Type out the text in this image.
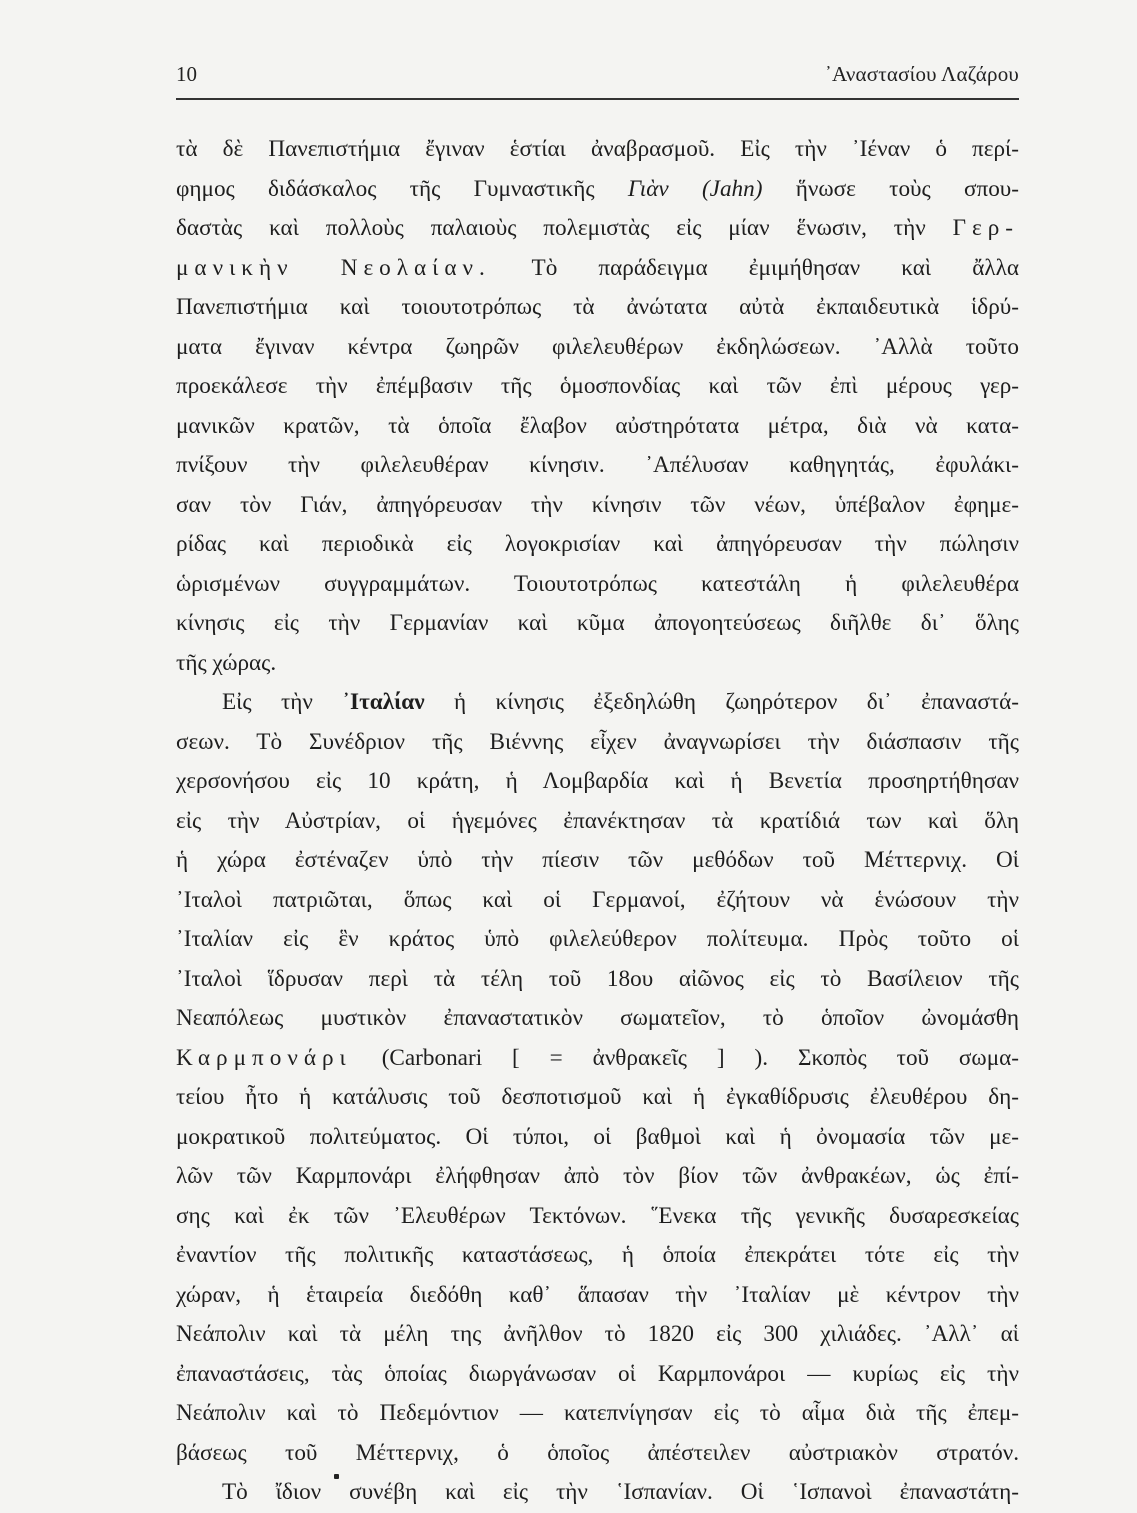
10	᾿Αναστασίου Λαζάρου
τὰ δὲ Πανεπιστήμια ἔγιναν ἑστίαι ἀναβρασμοῦ. Εἰς τὴν ᾿Ιέναν ὁ περί-
φημος διδάσκαλος τῆς Γυμναστικῆς Γιὰν (Jahn) ἥνωσε τοὺς σπου-
δαστὰς καὶ πολλοὺς παλαιοὺς πολεμιστὰς εἰς μίαν ἕνωσιν, τὴν Γερ-
μανικὴν Νεολαίαν. Τὸ παράδειγμα ἐμιμήθησαν καὶ ἄλλα
Πανεπιστήμια καὶ τοιουτοτρόπως τὰ ἀνώτατα αὐτὰ ἐκπαιδευτικὰ ἱδρύ-
ματα ἔγιναν κέντρα ζωηρῶν φιλελευθέρων ἐκδηλώσεων. ᾿Αλλὰ τοῦτο
προεκάλεσε τὴν ἐπέμβασιν τῆς ὁμοσπονδίας καὶ τῶν ἐπὶ μέρους γερ-
μανικῶν κρατῶν, τὰ ὁποῖα ἔλαβον αὐστηρότατα μέτρα, διὰ νὰ κατα-
πνίξουν τὴν φιλελευθέραν κίνησιν. ᾿Απέλυσαν καθηγητάς, ἐφυλάκι-
σαν τὸν Γιάν, ἀπηγόρευσαν τὴν κίνησιν τῶν νέων, ὑπέβαλον ἐφημε-
ρίδας καὶ περιοδικὰ εἰς λογοκρισίαν καὶ ἀπηγόρευσαν τὴν πώλησιν
ὡρισμένων συγγραμμάτων. Τοιουτοτρόπως κατεστάλη ἡ φιλελευθέρα
κίνησις εἰς τὴν Γερμανίαν καὶ κῦμα ἀπογοητεύσεως διῆλθε δι᾿ ὅλης
τῆς χώρας.
Εἰς τὴν ᾿Ιταλίαν ἡ κίνησις ἐξεδηλώθη ζωηρότερον δι᾿ ἐπαναστά-
σεων. Τὸ Συνέδριον τῆς Βιέννης εἶχεν ἀναγνωρίσει τὴν διάσπασιν τῆς
χερσονήσου εἰς 10 κράτη, ἡ Λομβαρδία καὶ ἡ Βενετία προσηρτήθησαν
εἰς τὴν Αὐστρίαν, οἱ ἡγεμόνες ἐπανέκτησαν τὰ κρατίδιά των καὶ ὅλη
ἡ χώρα ἐστέναζεν ὑπὸ τὴν πίεσιν τῶν μεθόδων τοῦ Μέττερνιχ. Οἱ
᾿Ιταλοὶ πατριῶται, ὅπως καὶ οἱ Γερμανοί, ἐζήτουν νὰ ἑνώσουν τὴν
᾿Ιταλίαν εἰς ἓν κράτος ὑπὸ φιλελεύθερον πολίτευμα. Πρὸς τοῦτο οἱ
᾿Ιταλοὶ ἵδρυσαν περὶ τὰ τέλη τοῦ 18ου αἰῶνος εἰς τὸ Βασίλειον τῆς
Νεαπόλεως μυστικὸν ἐπαναστατικὸν σωματεῖον, τὸ ὁποῖον ὠνομάσθη
Καρμπονάρι (Carbonari [ = ἀνθρακεῖς ] ). Σκοπὸς τοῦ σωμα-
τείου ἦτο ἡ κατάλυσις τοῦ δεσποτισμοῦ καὶ ἡ ἐγκαθίδρυσις ἐλευθέρου δη-
μοκρατικοῦ πολιτεύματος. Οἱ τύποι, οἱ βαθμοὶ καὶ ἡ ὀνομασία τῶν με-
λῶν τῶν Καρμπονάρι ἐλήφθησαν ἀπὸ τὸν βίον τῶν ἀνθρακέων, ὡς ἐπί-
σης καὶ ἐκ τῶν ᾿Ελευθέρων Τεκτόνων. ῞Ενεκα τῆς γενικῆς δυσαρεσκείας
ἐναντίον τῆς πολιτικῆς καταστάσεως, ἡ ὁποία ἐπεκράτει τότε εἰς τὴν
χώραν, ἡ ἑταιρεία διεδόθη καθ᾿ ἅπασαν τὴν ᾿Ιταλίαν μὲ κέντρον τὴν
Νεάπολιν καὶ τὰ μέλη της ἀνῆλθον τὸ 1820 εἰς 300 χιλιάδες. ᾿Αλλ᾿ αἱ
ἐπαναστάσεις, τὰς ὁποίας διωργάνωσαν οἱ Καρμπονάροι — κυρίως εἰς τὴν
Νεάπολιν καὶ τὸ Πεδεμόντιον — κατεπνίγησαν εἰς τὸ αἷμα διὰ τῆς ἐπεμ-
βάσεως τοῦ Μέττερνιχ, ὁ ὁποῖος ἀπέστειλεν αὐστριακὸν στρατόν.
Τὸ ἴδιον συνέβη καὶ εἰς τὴν ῾Ισπανίαν. Οἱ ῾Ισπανοὶ ἐπαναστάτη-
